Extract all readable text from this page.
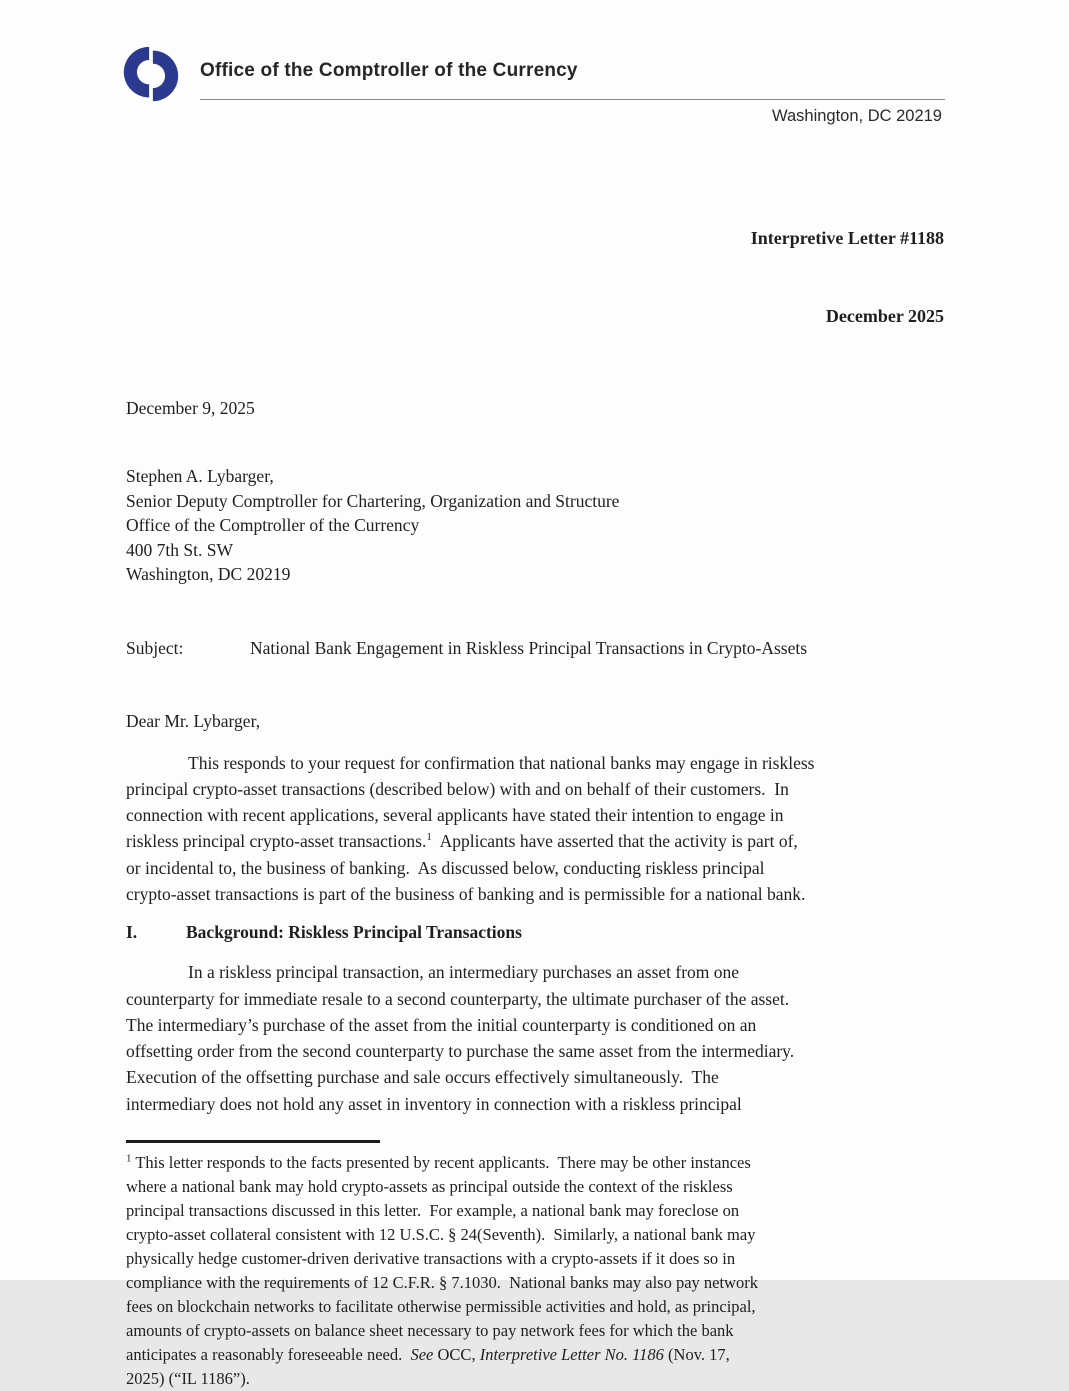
Office of the Comptroller of the Currency
Washington, DC 20219

Interpretive Letter #1188

December 2025

December 9, 2025
Stephen A. Lybarger,
Senior Deputy Comptroller for Chartering, Organization and Structure
Office of the Comptroller of the Currency
400 7th St. SW
Washington, DC 20219
Subject:	National Bank Engagement in Riskless Principal Transactions in Crypto-Assets
Dear Mr. Lybarger,
This responds to your request for confirmation that national banks may engage in riskless
principal crypto-asset transactions (described below) with and on behalf of their customers.  In
connection with recent applications, several applicants have stated their intention to engage in
riskless principal crypto-asset transactions.$^1$  Applicants have asserted that the activity is part of,
or incidental to, the business of banking.  As discussed below, conducting riskless principal
crypto-asset transactions is part of the business of banking and is permissible for a national bank.
I.	Background: Riskless Principal Transactions
In a riskless principal transaction, an intermediary purchases an asset from one
counterparty for immediate resale to a second counterparty, the ultimate purchaser of the asset.
The intermediary’s purchase of the asset from the initial counterparty is conditioned on an
offsetting order from the second counterparty to purchase the same asset from the intermediary.
Execution of the offsetting purchase and sale occurs effectively simultaneously.  The
intermediary does not hold any asset in inventory in connection with a riskless principal
$^1$ This letter responds to the facts presented by recent applicants.  There may be other instances
where a national bank may hold crypto-assets as principal outside the context of the riskless
principal transactions discussed in this letter.  For example, a national bank may foreclose on
crypto-asset collateral consistent with 12 U.S.C. § 24(Seventh).  Similarly, a national bank may
physically hedge customer-driven derivative transactions with a crypto-assets if it does so in
compliance with the requirements of 12 C.F.R. § 7.1030.  National banks may also pay network
fees on blockchain networks to facilitate otherwise permissible activities and hold, as principal,
amounts of crypto-assets on balance sheet necessary to pay network fees for which the bank
anticipates a reasonably foreseeable need.  See OCC, Interpretive Letter No. 1186 (Nov. 17,
2025) (“IL 1186”).
